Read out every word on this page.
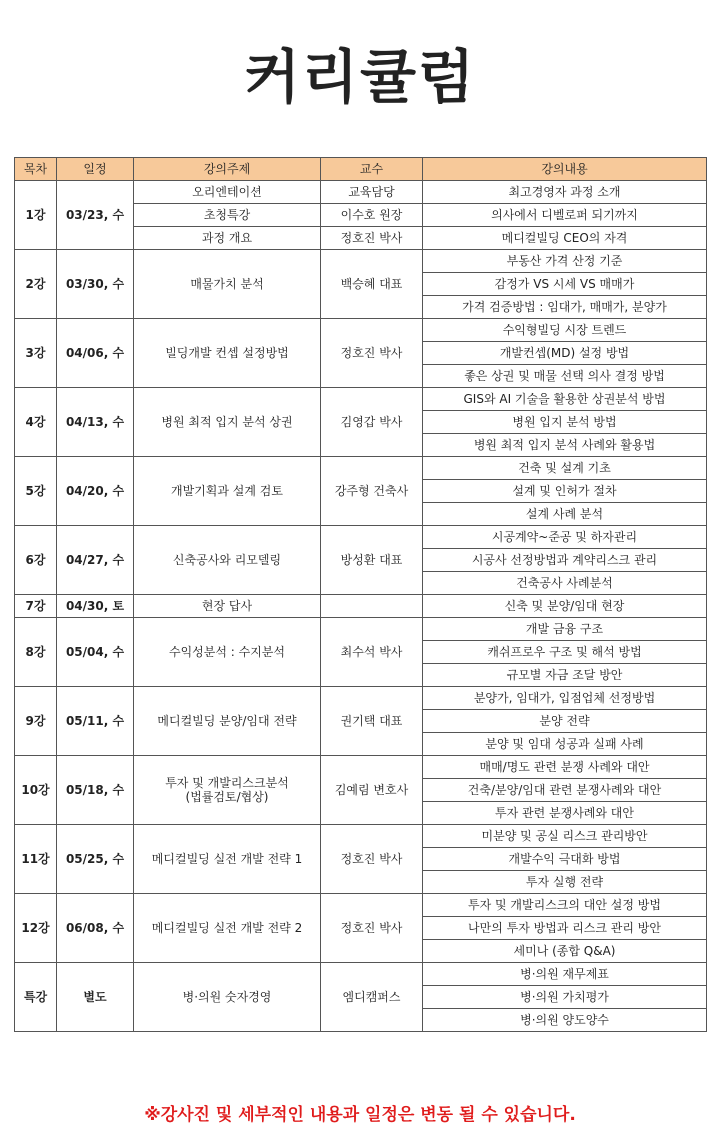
커리큘럼
목차	일정	강의주제	교수	강의내용
1강	03/23, 수	오리엔테이션	교육담당	최고경영자 과정 소개
		초청특강	이수호 원장	의사에서 디벨로퍼 되기까지
		과정 개요	정호진 박사	메디컬빌딩 CEO의 자격
2강	03/30, 수	매물가치 분석	백승혜 대표	부동산 가격 산정 기준
				감정가 VS 시세 VS 매매가
				가격 검증방법 : 임대가, 매매가, 분양가
3강	04/06, 수	빌딩개발 컨셉 설정방법	정호진 박사	수익형빌딩 시장 트렌드
				개발컨셉(MD) 설정 방법
				좋은 상권 및 매물 선택 의사 결정 방법
4강	04/13, 수	병원 최적 입지 분석 상권	김영갑 박사	GIS와 AI 기술을 활용한 상권분석 방법
				병원 입지 분석 방법
				병원 최적 입지 분석 사례와 활용법
5강	04/20, 수	개발기획과 설계 검토	강주형 건축사	건축 및 설계 기초
				설계 및 인허가 절차
				설계 사례 분석
6강	04/27, 수	신축공사와 리모델링	방성환 대표	시공계약~준공 및 하자관리
				시공사 선정방법과 계약리스크 관리
				건축공사 사례분석
7강	04/30, 토	현장 답사		신축 및 분양/임대 현장
8강	05/04, 수	수익성분석 : 수지분석	최수석 박사	개발 금융 구조
				캐쉬프로우 구조 및 해석 방법
				규모별 자금 조달 방안
9강	05/11, 수	메디컬빌딩 분양/임대 전략	권기택 대표	분양가, 임대가, 입점업체 선정방법
				분양 전략
				분양 및 임대 성공과 실패 사례
10강	05/18, 수	투자 및 개발리스크분석
(법률검토/협상)	김예림 변호사	매매/명도 관련 분쟁 사례와 대안
				건축/분양/임대 관련 분쟁사례와 대안
				투자 관련 분쟁사례와 대안
11강	05/25, 수	메디컬빌딩 실전 개발 전략 1	정호진 박사	미분양 및 공실 리스크 관리방안
				개발수익 극대화 방법
				투자 실행 전략
12강	06/08, 수	메디컬빌딩 실전 개발 전략 2	정호진 박사	투자 및 개발리스크의 대안 설정 방법
				나만의 투자 방법과 리스크 관리 방안
				세미나 (종합 Q&A)
특강	별도	병·의원 숫자경영	엠디캠퍼스	병·의원 재무제표
				병·의원 가치평가
				병·의원 양도양수
※강사진 및 세부적인 내용과 일정은 변동 될 수 있습니다.
